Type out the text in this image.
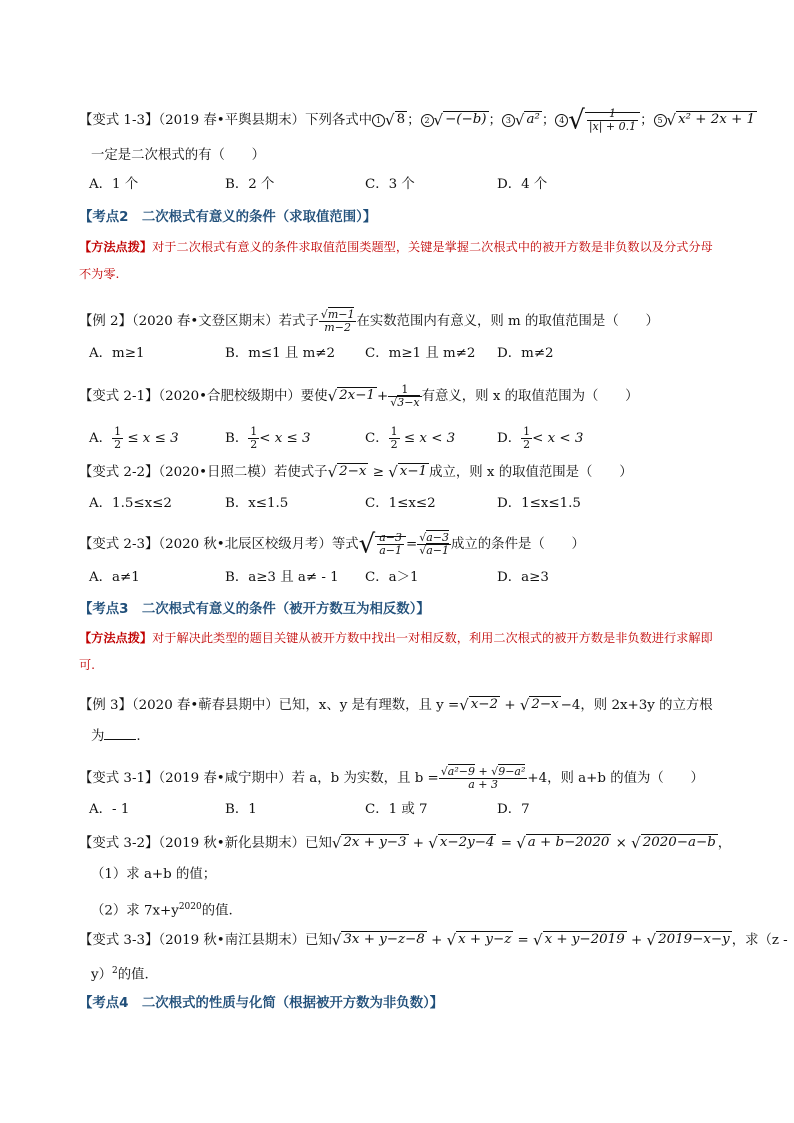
【变式 1-3】（2019 春•平舆县期末）下列各式中 1 √ 8 ； 2 √ −(−b) ； 3 √ a² ； 4 √ $\frac{1}{|x| + 0.1}$ ； 5 √ x² + 2x + 1
一定是二次根式的有（　　）
A．1 个	B．2 个	C．3 个	D．4 个
【考点2　二次根式有意义的条件（求取值范围）】
【方法点拨】对于二次根式有意义的条件求取值范围类题型，关键是掌握二次根式中的被开方数是非负数以及分式分母不为零.
【例 2】（2020 春•文登区期末）若式子 $\frac{√m-1}{m-2}$ 在实数范围内有意义，则 m 的取值范围是（　　）
A．m≥1	B．m≤1 且 m≠2 C．m≥1 且 m≠2 D．m≠2
【变式 2-1】（2020•合肥校级期中）要使√ $2x-1 + \frac{1}{√3-x}$ 有意义，则 x 的取值范围为（　　）
A． $\frac{1}{2} \le x \le 3$	B． $\frac{1}{2} < x \le 3$	C． $\frac{1}{2} \le x < 3$	D． $\frac{1}{2} < x < 3$
【变式 2-2】（2020•日照二模）若使式子√ 2−x ≥ √ x−1 成立，则 x 的取值范围是（　　）
A．1.5≤x≤2	B．x≤1.5	C．1≤x≤2	D．1≤x≤1.5
【变式 2-3】（2020 秋•北辰区校级月考）等式√ $\frac{a-3}{a-1} = \frac{√a-3}{√a-1}$ 成立的条件是（　　）
A．a≠1	B．a≥3 且 a≠ - 1 C．a＞1	D．a≥3
【考点3　二次根式有意义的条件（被开方数互为相反数）】
【方法点拨】对于解决此类型的题目关键从被开方数中找出一对相反数，利用二次根式的被开方数是非负数进行求解即可.
【例 3】（2020 春•蕲春县期中）已知，x、y 是有理数，且 y =√ x−2 + √ 2−x −4，则 2x+3y 的立方根
为 .
【变式 3-1】（2019 春•咸宁期中）若 a，b 为实数，且 $b = \frac{\text{√a²−9 + √9−a²}}{a + 3} +4$，则 a+b 的值为（　　）
A．- 1	B．1	C．1 或 7	D．7
【变式 3-2】（2019 秋•新化县期末）已知√ 2x + y−3 + √ x−2y−4 = √ a + b−2020 × √ 2020−a−b ，
（1）求 a+b 的值；
（2）求 $7x+y^{2020}$的值.
【变式 3-3】（2019 秋•南江县期末）已知√ 3x + y−z−8 + √ x + y−z = √ x + y−2019 + √ 2019−x−y ，求（z -
y）$^2$的值.
【考点4　二次根式的性质与化简（根据被开方数为非负数）】
